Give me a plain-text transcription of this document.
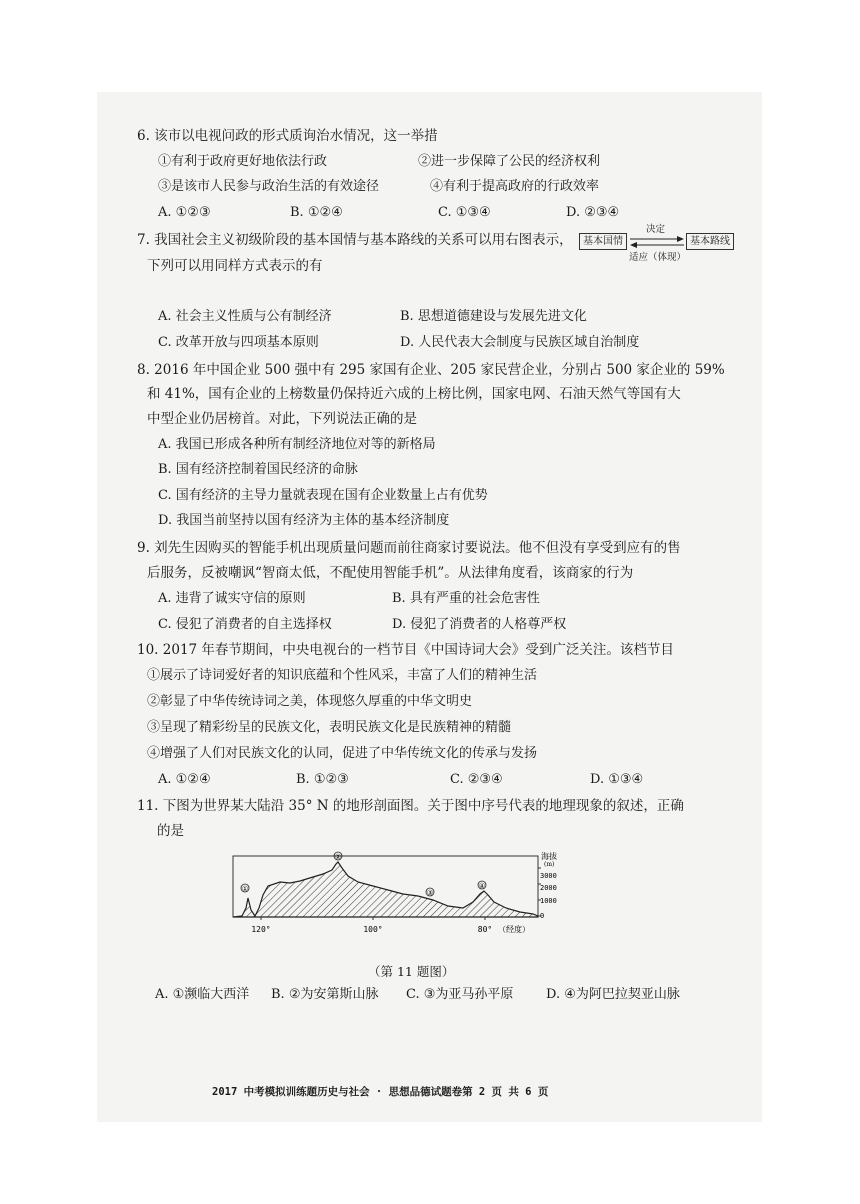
6. 该市以电视问政的形式质询治水情况，这一举措
①有利于政府更好地依法行政	②进一步保障了公民的经济权利
③是该市人民参与政治生活的有效途径	④有利于提高政府的行政效率
A. ①②③	B. ①②④	C. ①③④	D. ②③④
7. 我国社会主义初级阶段的基本国情与基本路线的关系可以用右图表示，	基本国情	基本路线
决定
适应（体现）
下列可以用同样方式表示的有
A. 社会主义性质与公有制经济	B. 思想道德建设与发展先进文化
C. 改革开放与四项基本原则	D. 人民代表大会制度与民族区域自治制度
8. 2016 年中国企业 500 强中有 295 家国有企业、205 家民营企业，分别占 500 家企业的 59%
和 41%，国有企业的上榜数量仍保持近六成的上榜比例，国家电网、石油天然气等国有大
中型企业仍居榜首。对此，下列说法正确的是
A. 我国已形成各种所有制经济地位对等的新格局
B. 国有经济控制着国民经济的命脉
C. 国有经济的主导力量就表现在国有企业数量上占有优势
D. 我国当前坚持以国有经济为主体的基本经济制度
9. 刘先生因购买的智能手机出现质量问题而前往商家讨要说法。他不但没有享受到应有的售
后服务，反被嘲讽“智商太低，不配使用智能手机”。从法律角度看，该商家的行为
A. 违背了诚实守信的原则	B. 具有严重的社会危害性
C. 侵犯了消费者的自主选择权	D. 侵犯了消费者的人格尊严权
10. 2017 年春节期间，中央电视台的一档节目《中国诗词大会》受到广泛关注。该档节目
①展示了诗词爱好者的知识底蕴和个性风采，丰富了人们的精神生活
②彰显了中华传统诗词之美，体现悠久厚重的中华文明史
③呈现了精彩纷呈的民族文化，表明民族文化是民族精神的精髓
④增强了人们对民族文化的认同，促进了中华传统文化的传承与发扬
A. ①②④	B. ①②③	C. ②③④	D. ①③④
11. 下图为世界某大陆沿 35° N 的地形剖面图。关于图中序号代表的地理现象的叙述，正确
的是
①
②
③
④
海拔
(m)
3000
2000
1000
0
120°	100°	80° （经度）
（第 11 题图）
A. ①濒临大西洋 B. ②为安第斯山脉 C. ③为亚马孙平原	D. ④为阿巴拉契亚山脉
2017 中考模拟训练题历史与社会 · 思想品德试题卷第 2 页 共 6 页
